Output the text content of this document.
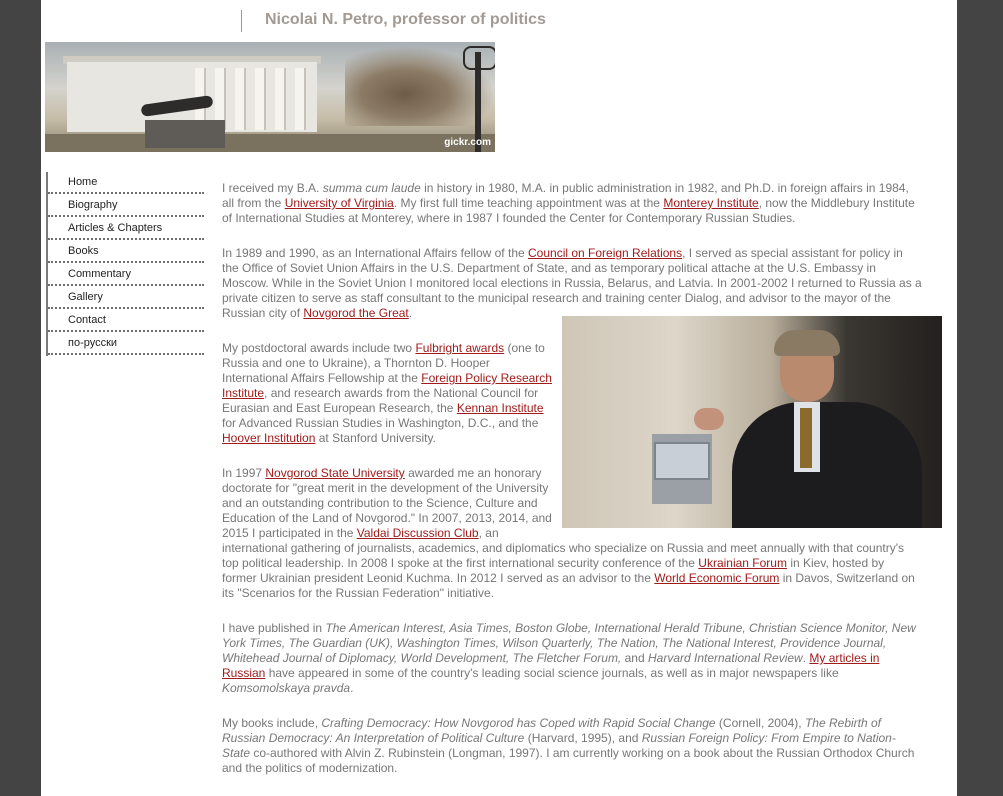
Nicolai N. Petro, professor of politics
gickr.com
Home
Biography
Articles & Chapters
Books
Commentary
Gallery
Contact
по-русски

I received my B.A. summa cum laude in history in 1980, M.A. in public administration in 1982, and Ph.D. in foreign affairs in 1984, all from the University of Virginia. My first full time teaching appointment was at the Monterey Institute, now the Middlebury Institute of International Studies at Monterey, where in 1987 I founded the Center for Contemporary Russian Studies.

In 1989 and 1990, as an International Affairs fellow of the Council on Foreign Relations, I served as special assistant for policy in the Office of Soviet Union Affairs in the U.S. Department of State, and as temporary political attache at the U.S. Embassy in Moscow. While in the Soviet Union I monitored local elections in Russia, Belarus, and Latvia. In 2001-2002 I returned to Russia as a private citizen to serve as staff consultant to the municipal research and training center Dialog, and advisor to the mayor of the Russian city of Novgorod the Great.

My postdoctoral awards include two Fulbright awards (one to Russia and one to Ukraine), a Thornton D. Hooper International Affairs Fellowship at the Foreign Policy Research Institute, and research awards from the National Council for Eurasian and East European Research, the Kennan Institute for Advanced Russian Studies in Washington, D.C., and the Hoover Institution at Stanford University.

In 1997 Novgorod State University awarded me an honorary doctorate for "great merit in the development of the University and an outstanding contribution to the Science, Culture and Education of the Land of Novgorod." In 2007, 2013, 2014, and 2015 I participated in the Valdai Discussion Club, an international gathering of journalists, academics, and diplomatics who specialize on Russia and meet annually with that country's top political leadership. In 2008 I spoke at the first international security conference of the Ukrainian Forum in Kiev, hosted by former Ukrainian president Leonid Kuchma. In 2012 I served as an advisor to the World Economic Forum in Davos, Switzerland on its "Scenarios for the Russian Federation" initiative.

I have published in The American Interest, Asia Times, Boston Globe, International Herald Tribune, Christian Science Monitor, New York Times, The Guardian (UK), Washington Times, Wilson Quarterly, The Nation, The National Interest, Providence Journal, Whitehead Journal of Diplomacy, World Development, The Fletcher Forum, and Harvard International Review. My articles in Russian have appeared in some of the country's leading social science journals, as well as in major newspapers like Komsomolskaya pravda.

My books include, Crafting Democracy: How Novgorod has Coped with Rapid Social Change (Cornell, 2004), The Rebirth of Russian Democracy: An Interpretation of Political Culture (Harvard, 1995), and Russian Foreign Policy: From Empire to Nation-State co-authored with Alvin Z. Rubinstein (Longman, 1997). I am currently working on a book about the Russian Orthodox Church and the politics of modernization.
